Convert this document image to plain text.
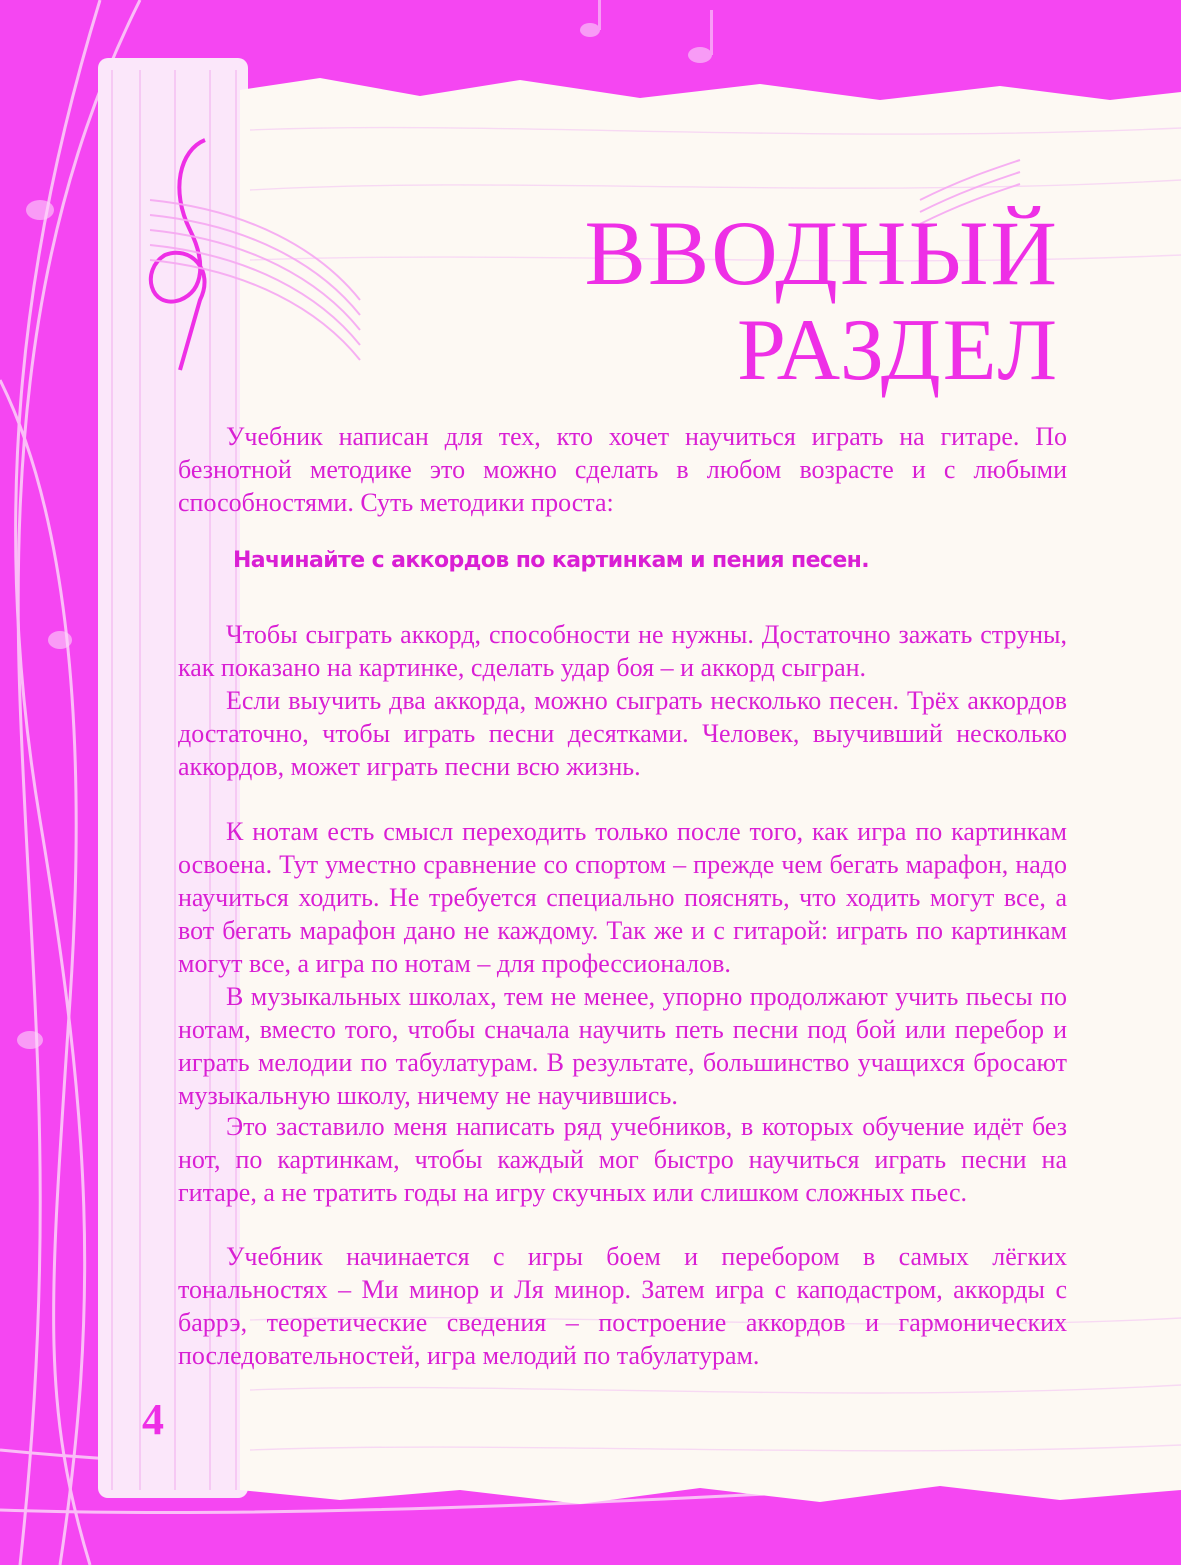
ВВОДНЫЙ
РАЗДЕЛ

Учебник написан для тех, кто хочет научиться играть на гитаре. По безнотной методике это можно сделать в любом возрасте и с любыми способностями. Суть методики проста:

Начинайте с аккордов по картинкам и пения песен.

Чтобы сыграть аккорд, способности не нужны. Достаточно зажать струны, как показано на картинке, сделать удар боя – и аккорд сыгран.

Если выучить два аккорда, можно сыграть несколько песен. Трёх аккордов достаточно, чтобы играть песни десятками. Человек, выучивший несколько аккордов, может играть песни всю жизнь.

К нотам есть смысл переходить только после того, как игра по картинкам освоена. Тут уместно сравнение со спортом – прежде чем бегать марафон, надо научиться ходить. Не требуется специально пояснять, что ходить могут все, а вот бегать марафон дано не каждому. Так же и с гитарой: играть по картинкам могут все, а игра по нотам – для профессионалов.

В музыкальных школах, тем не менее, упорно продолжают учить пьесы по нотам, вместо того, чтобы сначала научить петь песни под бой или перебор и играть мелодии по табулатурам. В результате, большинство учащихся бросают музыкальную школу, ничему не научившись.

Это заставило меня написать ряд учебников, в которых обучение идёт без нот, по картинкам, чтобы каждый мог быстро научиться играть песни на гитаре, а не тратить годы на игру скучных или слишком сложных пьес.

Учебник начинается с игры боем и перебором в самых лёгких тональностях – Ми минор и Ля минор. Затем игра с каподастром, аккорды с баррэ, теоретические сведения – построение аккордов и гармонических последовательностей, игра мелодий по табулатурам.

4
